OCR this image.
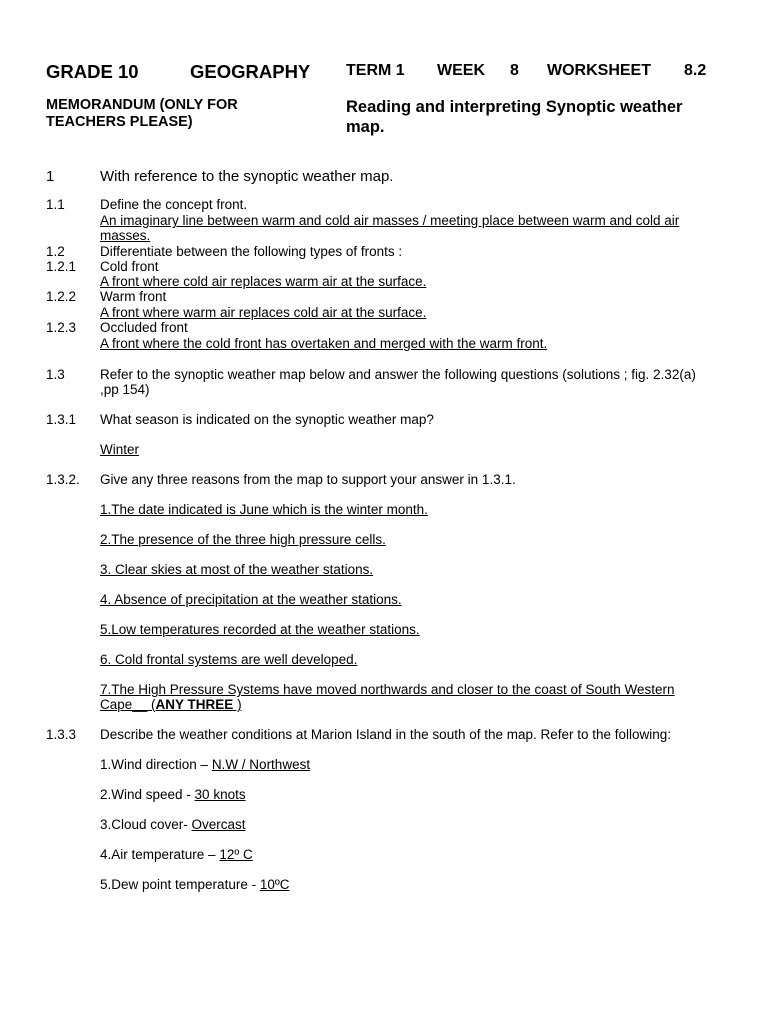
GRADE 10	GEOGRAPHY TERM 1 WEEK 8 WORKSHEET 8.2
MEMORANDUM (ONLY FOR
TEACHERS PLEASE)
Reading and interpreting Synoptic weather
map.
1	With reference to the synoptic weather map.
1.1	Define the concept front.
An imaginary line between warm and cold air masses / meeting place between warm and cold air
masses.
1.2	Differentiate between the following types of fronts :
1.2.1 Cold front
A front where cold air replaces warm air at the surface.
1.2.2 Warm front
A front where warm air replaces cold air at the surface.
1.2.3 Occluded front
A front where the cold front has overtaken and merged with the warm front.
1.3	Refer to the synoptic weather map below and answer the following questions (solutions ; fig. 2.32(a)
,pp 154)
1.3.1 What season is indicated on the synoptic weather map?
Winter
1.3.2. Give any three reasons from the map to support your answer in 1.3.1.
1.The date indicated is June which is the winter month.
2.The presence of the three high pressure cells.
3. Clear skies at most of the weather stations.
4. Absence of precipitation at the weather stations.
5.Low temperatures recorded at the weather stations.
6. Cold frontal systems are well developed.
7.The High Pressure Systems have moved northwards and closer to the coast of South Western
Cape__ (ANY THREE )
1.3.3 Describe the weather conditions at Marion Island in the south of the map. Refer to the following:
1.Wind direction – N.W / Northwest
2.Wind speed - 30 knots
3.Cloud cover- Overcast
4.Air temperature – 12º C
5.Dew point temperature - 10ºC
